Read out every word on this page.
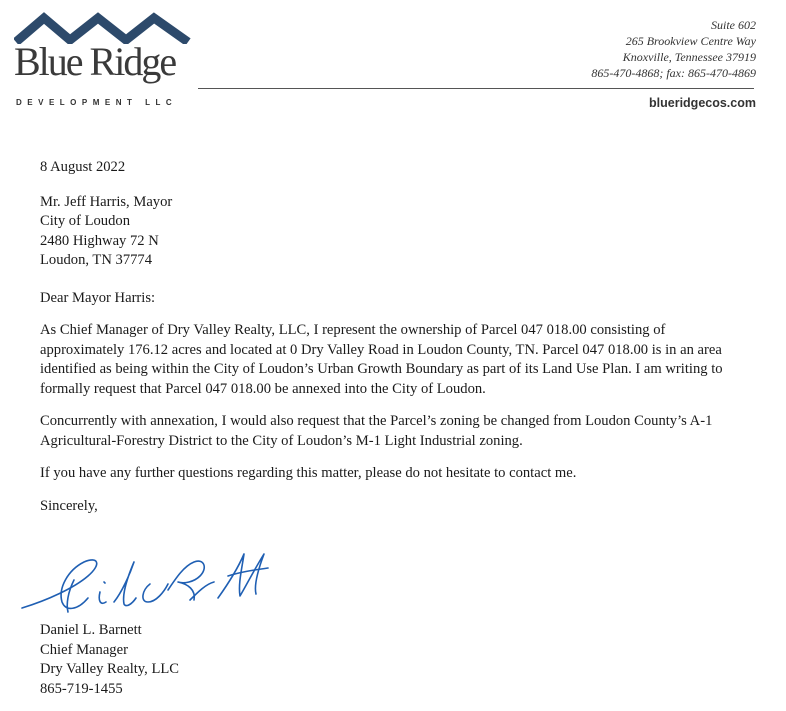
Blue Ridge
DEVELOPMENT LLC
Suite 602
265 Brookview Centre Way
Knoxville, Tennessee 37919
865-470-4868; fax: 865-470-4869
blueridgecos.com

8 August 2022

Mr. Jeff Harris, Mayor

City of Loudon

2480 Highway 72 N

Loudon, TN 37774

Dear Mayor Harris:

As Chief Manager of Dry Valley Realty, LLC, I represent the ownership of Parcel 047 018.00 consisting of approximately 176.12 acres and located at 0 Dry Valley Road in Loudon County, TN. Parcel 047 018.00 is in an area identified as being within the City of Loudon’s Urban Growth Boundary as part of its Land Use Plan. I am writing to formally request that Parcel 047 018.00 be annexed into the City of Loudon.

Concurrently with annexation, I would also request that the Parcel’s zoning be changed from Loudon County’s A-1 Agricultural-Forestry District to the City of Loudon’s M-1 Light Industrial zoning.

If you have any further questions regarding this matter, please do not hesitate to contact me.

Sincerely,

Daniel L. Barnett
Chief Manager
Dry Valley Realty, LLC
865-719-1455
